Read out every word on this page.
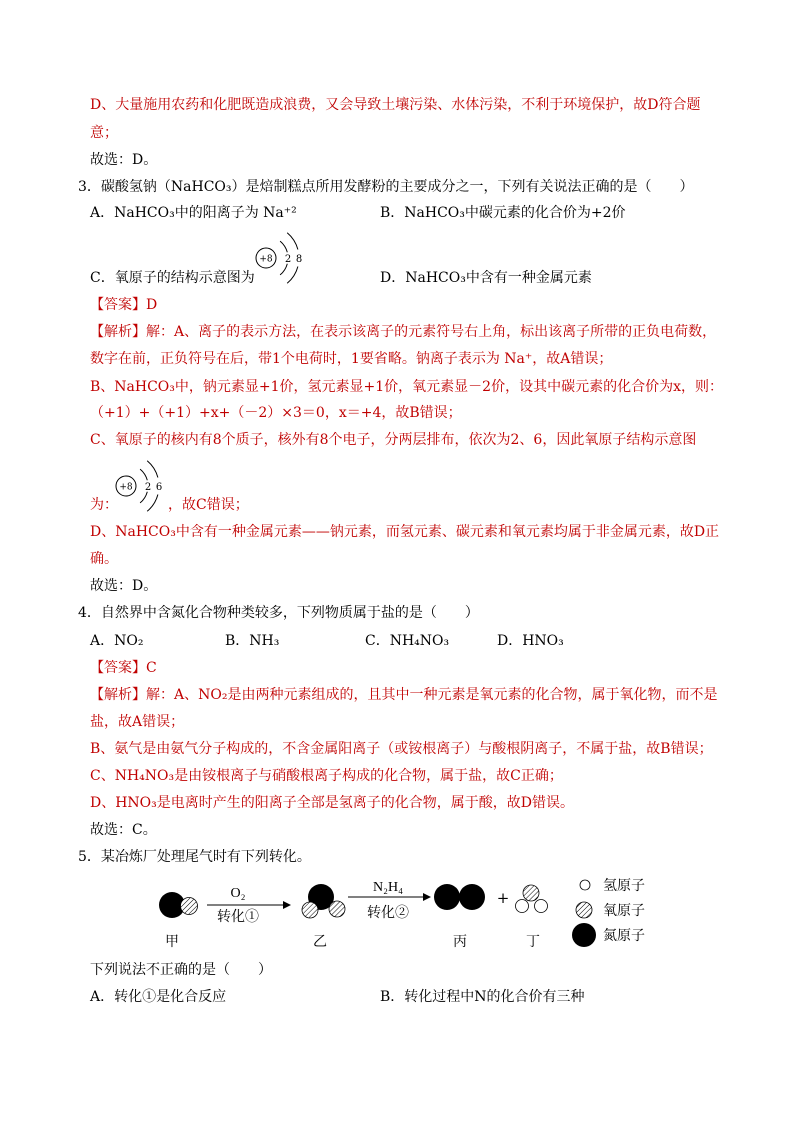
D、大量施用农药和化肥既造成浪费，又会导致土壤污染、水体污染，不利于环境保护，故D符合题
意；
故选：D。
3．碳酸氢钠（NaHCO₃）是焙制糕点所用发酵粉的主要成分之一，下列有关说法正确的是（　　）
A．NaHCO₃中的阳离子为 Na⁺²	B．NaHCO₃中碳元素的化合价为+2价
C．氧原子的结构示意图为
+8 2 8
D．NaHCO₃中含有一种金属元素
【答案】D
【解析】解：A、离子的表示方法，在表示该离子的元素符号右上角，标出该离子所带的正负电荷数，
数字在前，正负符号在后，带1个电荷时，1要省略。钠离子表示为 Na⁺，故A错误；
B、NaHCO₃中，钠元素显+1价，氢元素显+1价，氧元素显－2价，设其中碳元素的化合价为x，则：
（+1）+（+1）+x+（－2）×3＝0，x＝+4，故B错误；
C、氧原子的核内有8个质子，核外有8个电子，分两层排布，依次为2、6，因此氧原子结构示意图
为：
+8 2 6
，故C错误；
D、NaHCO₃中含有一种金属元素——钠元素，而氢元素、碳元素和氧元素均属于非金属元素，故D正
确。
故选：D。
4．自然界中含氮化合物种类较多，下列物质属于盐的是（　　）
A．NO₂	B．NH₃	C．NH₄NO₃	D．HNO₃
【答案】C
【解析】解：A、NO₂是由两种元素组成的，且其中一种元素是氧元素的化合物，属于氧化物，而不是
盐，故A错误；
B、氨气是由氨气分子构成的，不含金属阳离子（或铵根离子）与酸根阴离子，不属于盐，故B错误；
C、NH₄NO₃是由铵根离子与硝酸根离子构成的化合物，属于盐，故C正确；
D、HNO₃是电离时产生的阳离子全部是氢离子的化合物，属于酸，故D错误。
故选：C。
5．某冶炼厂处理尾气时有下列转化。
O₂
转化①
N₂H₄
转化②
+
氢原子
氧原子
氮原子
甲	乙	丙	丁
下列说法不正确的是（　　）
A．转化①是化合反应	B．转化过程中N的化合价有三种
